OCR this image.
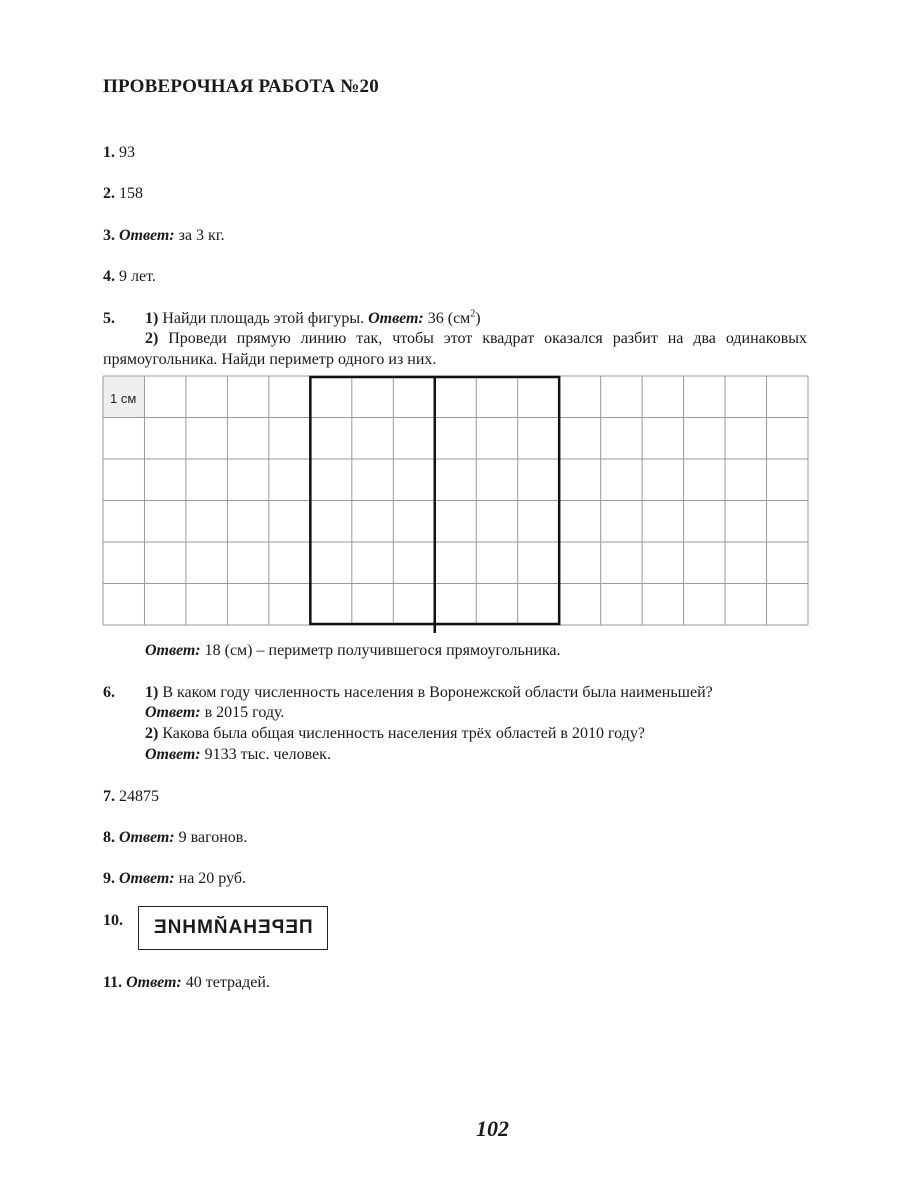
ПРОВЕРОЧНАЯ РАБОТА №20
1. 93
2. 158
3. Ответ: за 3 кг.
4. 9 лет.
5. 1) Найди площадь этой фигуры. Ответ: 36 $(см^2)$
2) Проведи прямую линию так, чтобы этот квадрат оказался разбит на два одинаковых прямоугольника. Найди периметр одного из них.
1 см
Ответ: 18 (см) – периметр получившегося прямоугольника.
6. 1) В каком году численность населения в Воронежской области была наименьшей?
Ответ: в 2015 году.
2) Какова была общая численность населения трёх областей в 2010 году?
Ответ: 9133 тыс. человек.
7. 24875
8. Ответ: 9 вагонов.
9. Ответ: на 20 руб.
10. ПЕРЕНАЙМНИЕ
11. Ответ: 40 тетрадей.
102
